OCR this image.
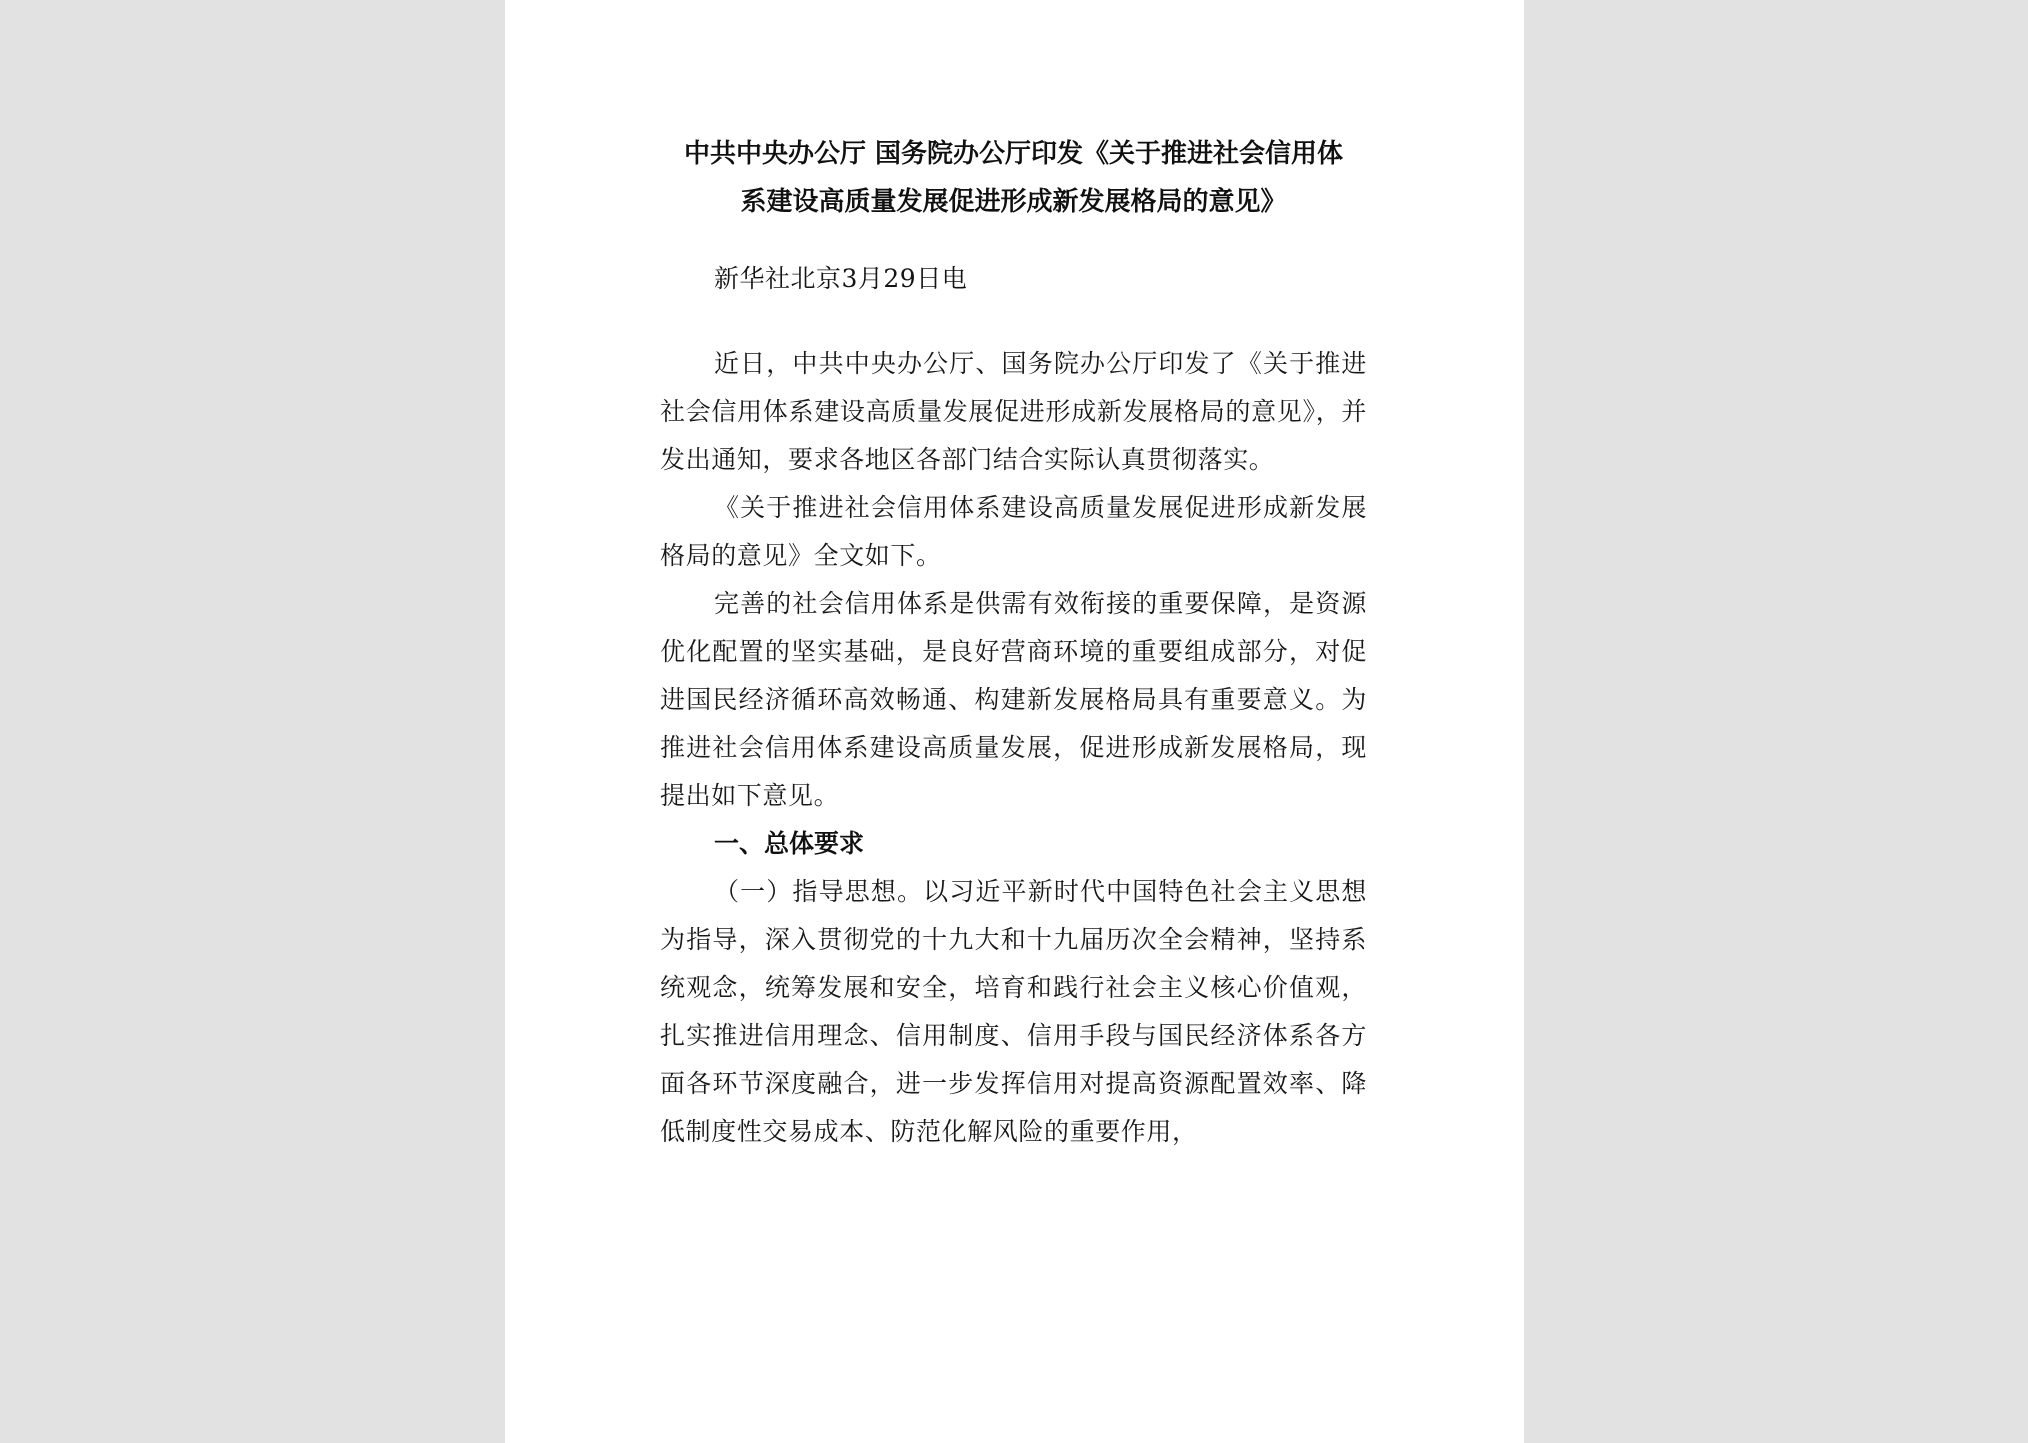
中共中央办公厅 国务院办公厅印发《关于推进社会信用体
系建设高质量发展促进形成新发展格局的意见》

新华社北京3月29日电

近日，中共中央办公厅、国务院办公厅印发了《关于推进社会信用体系建设高质量发展促进形成新发展格局的意见》，并发出通知，要求各地区各部门结合实际认真贯彻落实。

《关于推进社会信用体系建设高质量发展促进形成新发展格局的意见》全文如下。

完善的社会信用体系是供需有效衔接的重要保障，是资源优化配置的坚实基础，是良好营商环境的重要组成部分，对促进国民经济循环高效畅通、构建新发展格局具有重要意义。为推进社会信用体系建设高质量发展，促进形成新发展格局，现提出如下意见。

一、总体要求

（一）指导思想。以习近平新时代中国特色社会主义思想为指导，深入贯彻党的十九大和十九届历次全会精神，坚持系统观念，统筹发展和安全，培育和践行社会主义核心价值观，扎实推进信用理念、信用制度、信用手段与国民经济体系各方面各环节深度融合，进一步发挥信用对提高资源配置效率、降低制度性交易成本、防范化解风险的重要作用，
